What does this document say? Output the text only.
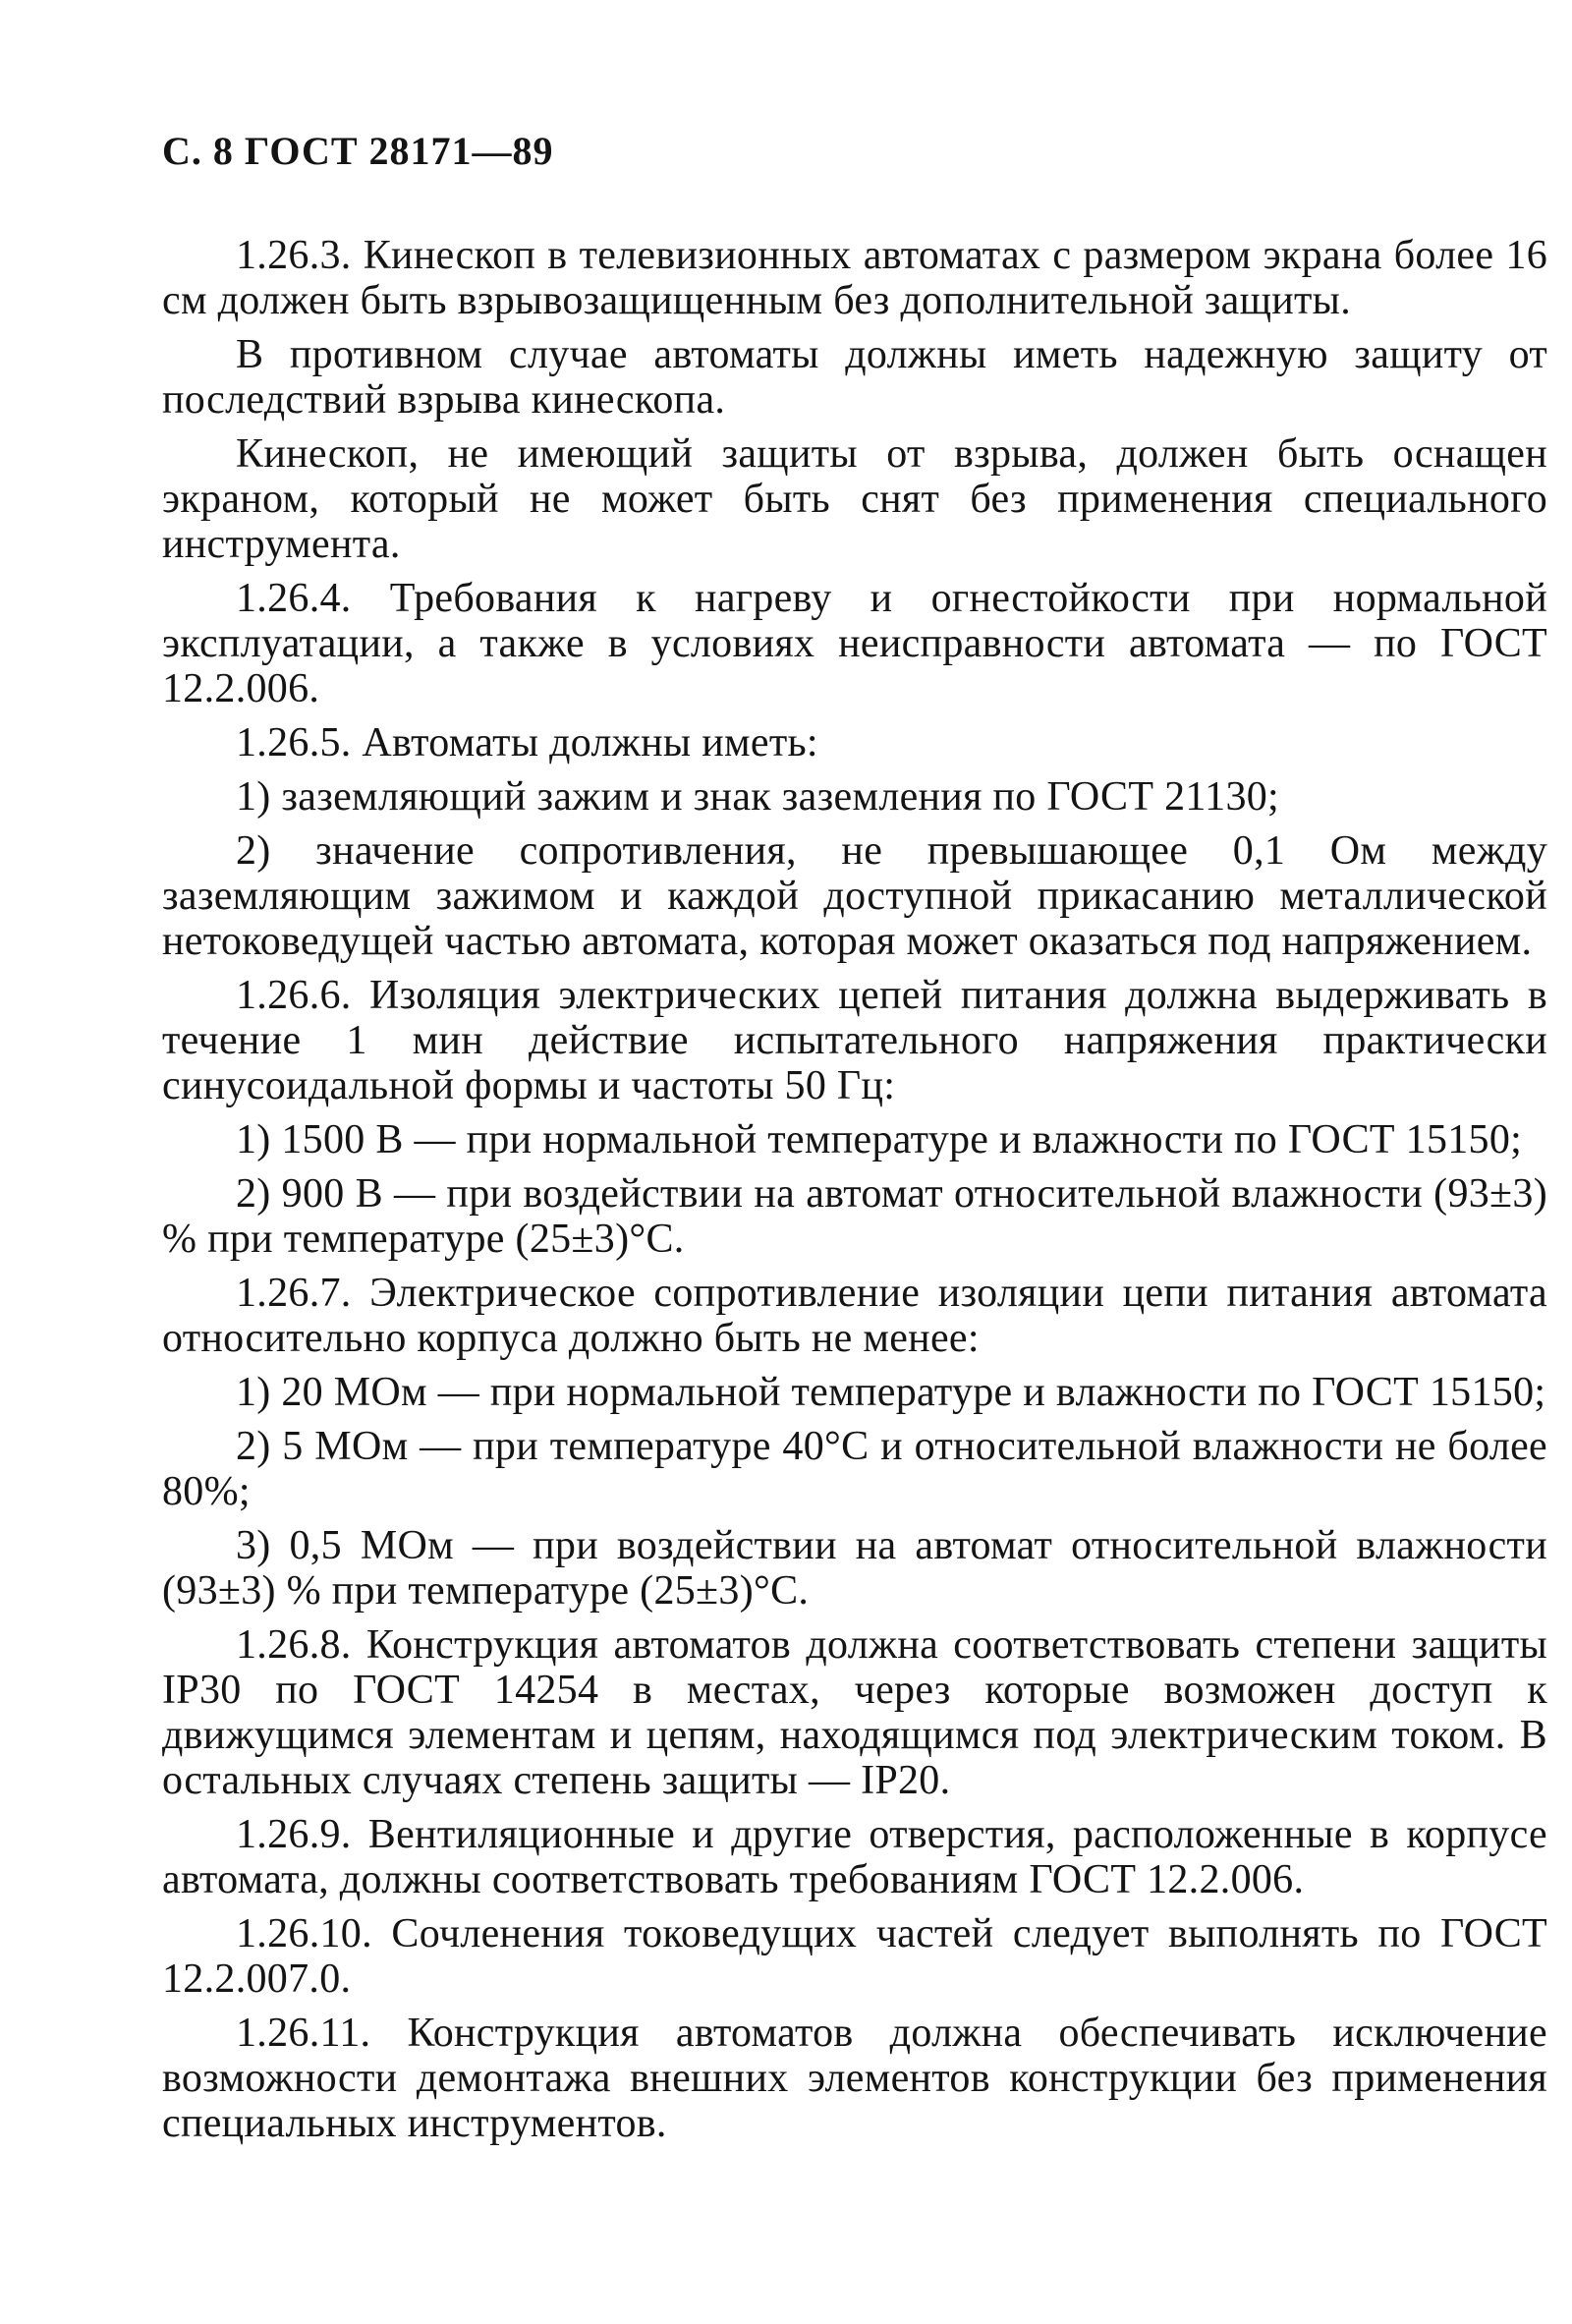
С. 8 ГОСТ 28171—89

1.26.3. Кинескоп в телевизионных автоматах с размером экрана более 16 см должен быть взрывозащищенным без дополнительной защиты.

В противном случае автоматы должны иметь надежную защиту от последствий взрыва кинескопа.

Кинескоп, не имеющий защиты от взрыва, должен быть оснащен экраном, который не может быть снят без применения специального инструмента.

1.26.4. Требования к нагреву и огнестойкости при нормальной эксплуатации, а также в условиях неисправности автомата — по ГОСТ 12.2.006.

1.26.5. Автоматы должны иметь:

1) заземляющий зажим и знак заземления по ГОСТ 21130;

2) значение сопротивления, не превышающее 0,1 Ом между заземляющим зажимом и каждой доступной прикасанию металлической нетоковедущей частью автомата, которая может оказаться под напряжением.

1.26.6. Изоляция электрических цепей питания должна выдерживать в течение 1 мин действие испытательного напряжения практически синусоидальной формы и частоты 50 Гц:

1) 1500 В — при нормальной температуре и влажности по ГОСТ 15150;

2) 900 В — при воздействии на автомат относительной влажности (93±3) % при температуре (25±3)°С.

1.26.7. Электрическое сопротивление изоляции цепи питания автомата относительно корпуса должно быть не менее:

1) 20 МОм — при нормальной температуре и влажности по ГОСТ 15150;

2) 5 МОм — при температуре 40°С и относительной влажности не более 80%;

3) 0,5 МОм — при воздействии на автомат относительной влажности (93±3) % при температуре (25±3)°С.

1.26.8. Конструкция автоматов должна соответствовать степени защиты IP30 по ГОСТ 14254 в местах, через которые возможен доступ к движущимся элементам и цепям, находящимся под электрическим током. В остальных случаях степень защиты — IP20.

1.26.9. Вентиляционные и другие отверстия, расположенные в корпусе автомата, должны соответствовать требованиям ГОСТ 12.2.006.

1.26.10. Сочленения токоведущих частей следует выполнять по ГОСТ 12.2.007.0.

1.26.11. Конструкция автоматов должна обеспечивать исключение возможности демонтажа внешних элементов конструкции без применения специальных инструментов.
